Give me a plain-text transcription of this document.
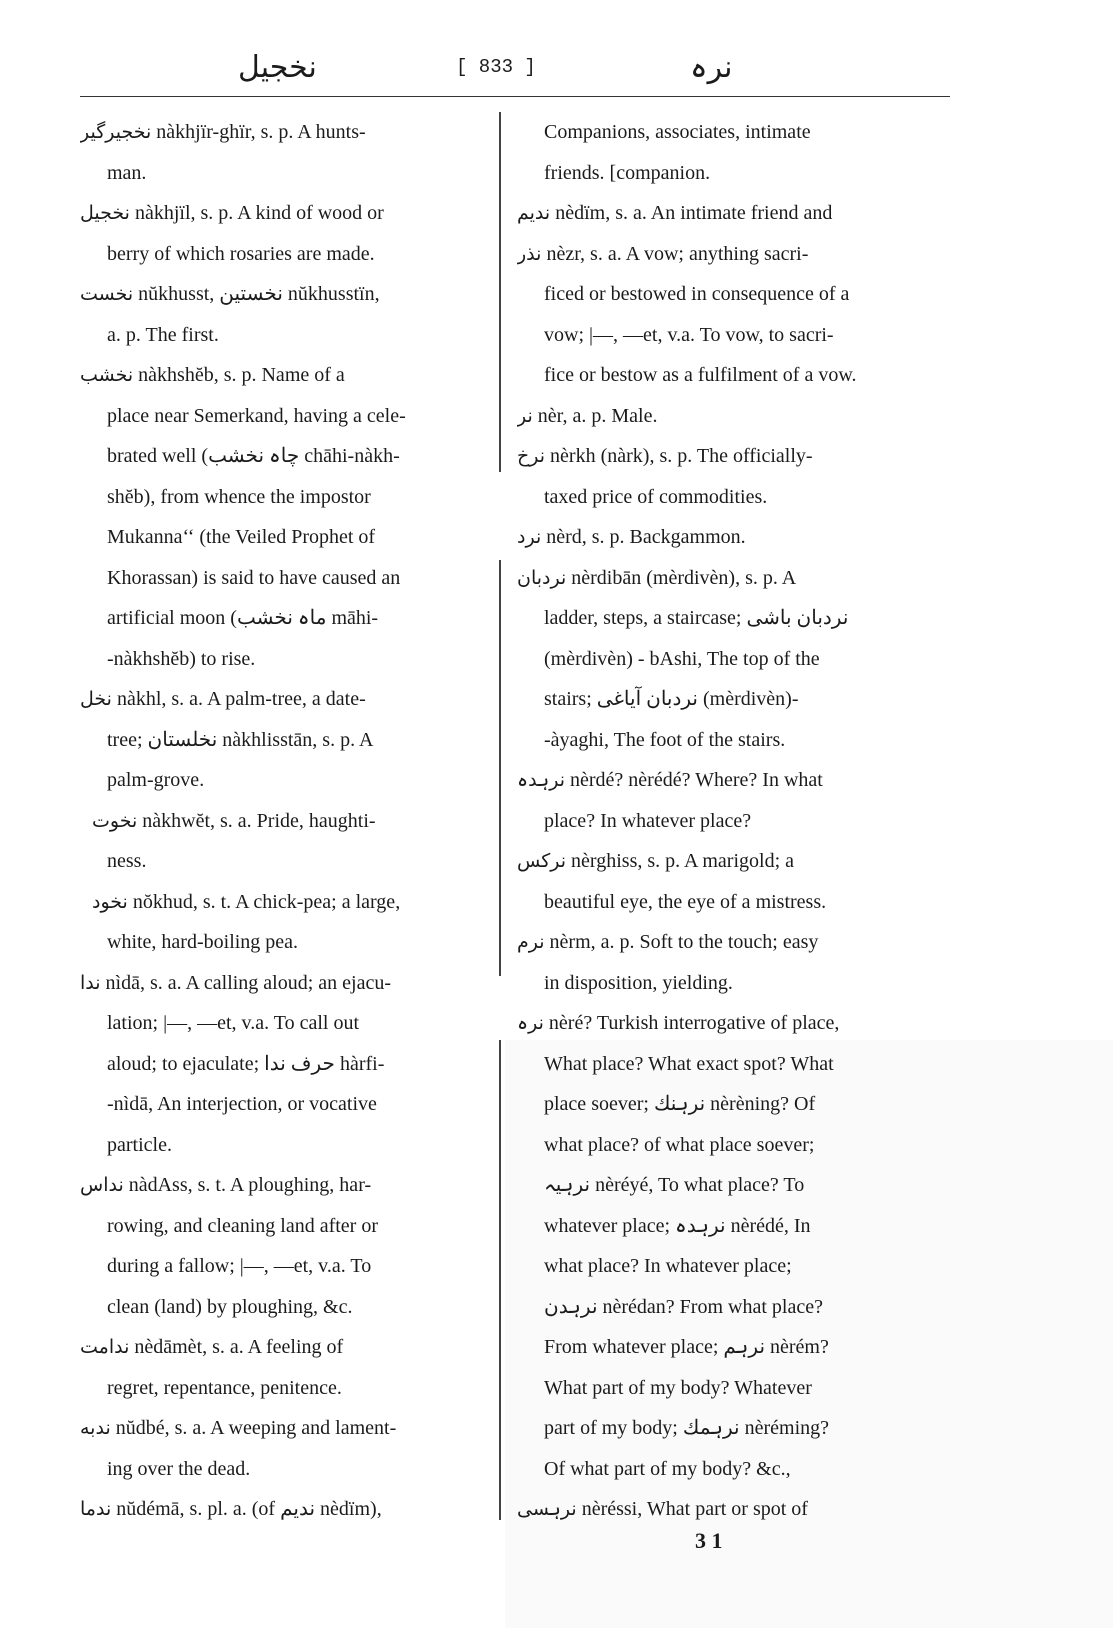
نخجیل	[ 833 ]	نرہ
نخجیرگیر nàkhjïr-ghïr, s. p. A hunts-
man.
نخجیل nàkhjïl, s. p. A kind of wood or
berry of which rosaries are made.
نخست nŭkhusst, نخستین nŭkhusstïn,
a. p. The first.
نخشب nàkhshĕb, s. p. Name of a
place near Semerkand, having a cele-
brated well (چاہ نخشب chāhi-nàkh-
shĕb), from whence the impostor
Mukanna‘‘ (the Veiled Prophet of
Khorassan) is said to have caused an
artificial moon (ماہ نخشب māhi-
-nàkhshĕb) to rise.
نخل nàkhl, s. a. A palm-tree, a date-
tree; نخلستان nàkhlisstān, s. p. A
palm-grove.
نخوت nàkhwĕt, s. a. Pride, haughti-
ness.
نخود nŏkhud, s. t. A chick-pea; a large,
white, hard-boiling pea.
ندا nìdā, s. a. A calling aloud; an ejacu-
lation; ‌|—, —et, v.a. To call out
aloud; to ejaculate; حرف ندا hàrfi-
-nìdā, An interjection, or vocative
particle.
نداس nàdAss, s. t. A ploughing, har-
rowing, and cleaning land after or
during a fallow; |—, —et, v.a. To
clean (land) by ploughing, &c.
ندامت nèdāmèt, s. a. A feeling of
regret, repentance, penitence.
ندبه nŭdbé, s. a. A weeping and lament-
ing over the dead.
ندما nŭdémā, s. pl. a. (of ندیم nèdïm),
Companions, associates, intimate
friends. [companion.
ندیم nèdïm, s. a. An intimate friend and
نذر nèzr, s. a. A vow; anything sacri-
ficed or bestowed in consequence of a
vow; |—, —et, v.a. To vow, to sacri-
fice or bestow as a fulfilment of a vow.
نر nèr, a. p. Male.
نرخ nèrkh (nàrk), s. p. The officially-
taxed price of commodities.
نرد nèrd, s. p. Backgammon.
نردبان nèrdibān (mèrdivèn), s. p. A
ladder, steps, a staircase; نردبان باشی
(mèrdivèn) - bAshi, The top of the
stairs; نردبان آیاغی (mèrdivèn)-
-àyaghi, The foot of the stairs.
نرہدہ nèrdé? nèrédé? Where? In what
place? In whatever place?
نرکس nèrghiss, s. p. A marigold; a
beautiful eye, the eye of a mistress.
نرم nèrm, a. p. Soft to the touch; easy
in disposition, yielding.
نرہ nèré? Turkish interrogative of place,
What place? What exact spot? What
place soever; نرہنك nèrèning? Of
what place? of what place soever;
نرہیہ nèréyé, To what place? To
whatever place; نرہدہ nèrédé, In
what place? In whatever place;
نرہدن nèrédan? From what place?
From whatever place; نرہم nèrém?
What part of my body? Whatever
part of my body; نرہمك nèréming?
Of what part of my body? &c.,
نرہسی nèréssi, What part or spot of
3 1
